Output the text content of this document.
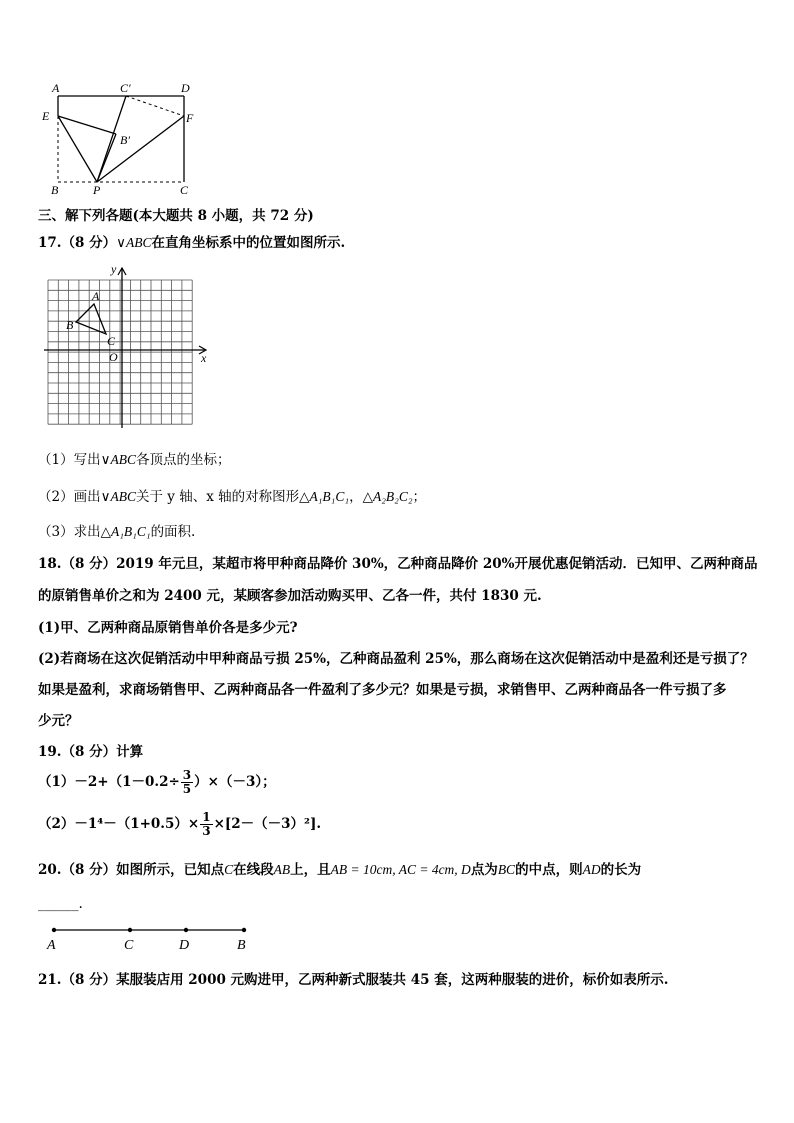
A	C′	D
E	F
B′
B	P	C
三、解下列各题(本大题共 8 小题，共 72 分)
17.（8 分）∨ABC在直角坐标系中的位置如图所示.
y
x
O
A
B
C
（1）写出∨ABC各顶点的坐标；
（2）画出∨ABC关于 y 轴、x 轴的对称图形△A₁B₁C₁，△A₂B₂C₂；
（3）求出△A₁B₁C₁的面积.
18.（8 分）2019 年元旦，某超市将甲种商品降价 30%，乙种商品降价 20%开展优惠促销活动．已知甲、乙两种商品
的原销售单价之和为 2400 元，某顾客参加活动购买甲、乙各一件，共付 1830 元.
(1)甲、乙两种商品原销售单价各是多少元?
(2)若商场在这次促销活动中甲种商品亏损 25%，乙种商品盈利 25%，那么商场在这次促销活动中是盈利还是亏损了？
如果是盈利，求商场销售甲、乙两种商品各一件盈利了多少元？如果是亏损，求销售甲、乙两种商品各一件亏损了多
少元？
19.（8 分）计算
$(1)-2+(1-0.2\div \frac{3}{5} )\times(-3)$；
$(2)-1^4-(1+0.5)\times \frac{1}{3} \times[2-(-3)^2]$.
20.（8 分）如图所示，已知点C在线段AB上，且AB = 10cm, AC = 4cm, D点为BC的中点，则AD的长为
______.
A	C	D	B
21.（8 分）某服装店用 2000 元购进甲，乙两种新式服装共 45 套，这两种服装的进价，标价如表所示.
